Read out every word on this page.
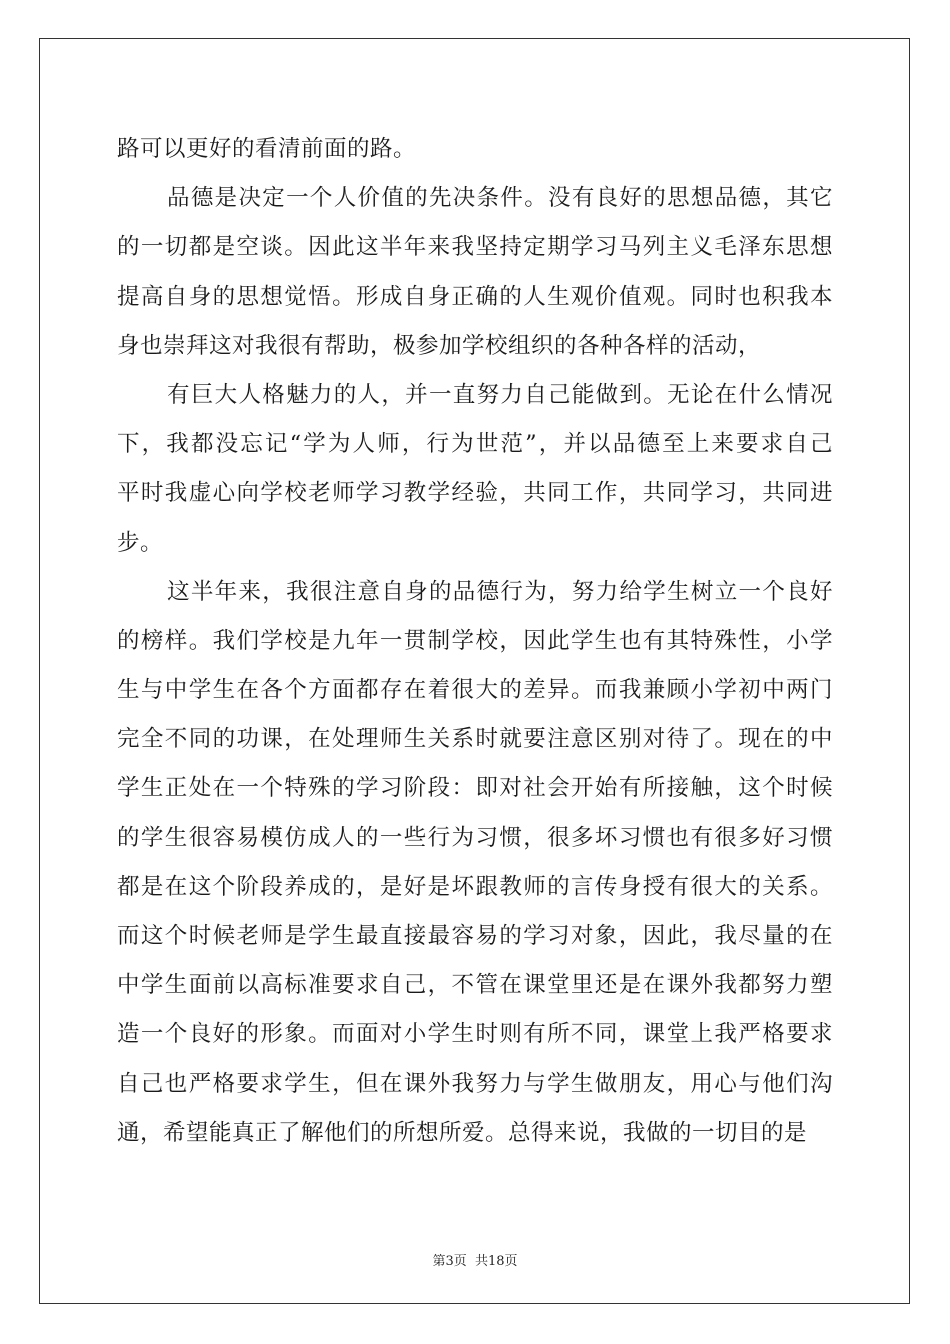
路可以更好的看清前面的路。
品德是决定一个人价值的先决条件。没有良好的思想品德，其它
的一切都是空谈。因此这半年来我坚持定期学习马列主义毛泽东思想
提高自身的思想觉悟。形成自身正确的人生观价值观。同时也积我本
身也崇拜这对我很有帮助，极参加学校组织的各种各样的活动，
有巨大人格魅力的人，并一直努力自己能做到。无论在什么情况
下，我都没忘记“学为人师，行为世范”，并以品德至上来要求自己
平时我虚心向学校老师学习教学经验，共同工作，共同学习，共同进
步。
这半年来，我很注意自身的品德行为，努力给学生树立一个良好
的榜样。我们学校是九年一贯制学校，因此学生也有其特殊性，小学
生与中学生在各个方面都存在着很大的差异。而我兼顾小学初中两门
完全不同的功课，在处理师生关系时就要注意区别对待了。现在的中
学生正处在一个特殊的学习阶段：即对社会开始有所接触，这个时候
的学生很容易模仿成人的一些行为习惯，很多坏习惯也有很多好习惯
都是在这个阶段养成的，是好是坏跟教师的言传身授有很大的关系。
而这个时候老师是学生最直接最容易的学习对象，因此，我尽量的在
中学生面前以高标准要求自己，不管在课堂里还是在课外我都努力塑
造一个良好的形象。而面对小学生时则有所不同，课堂上我严格要求
自己也严格要求学生，但在课外我努力与学生做朋友，用心与他们沟
通，希望能真正了解他们的所想所爱。总得来说，我做的一切目的是
第3页 共18页
